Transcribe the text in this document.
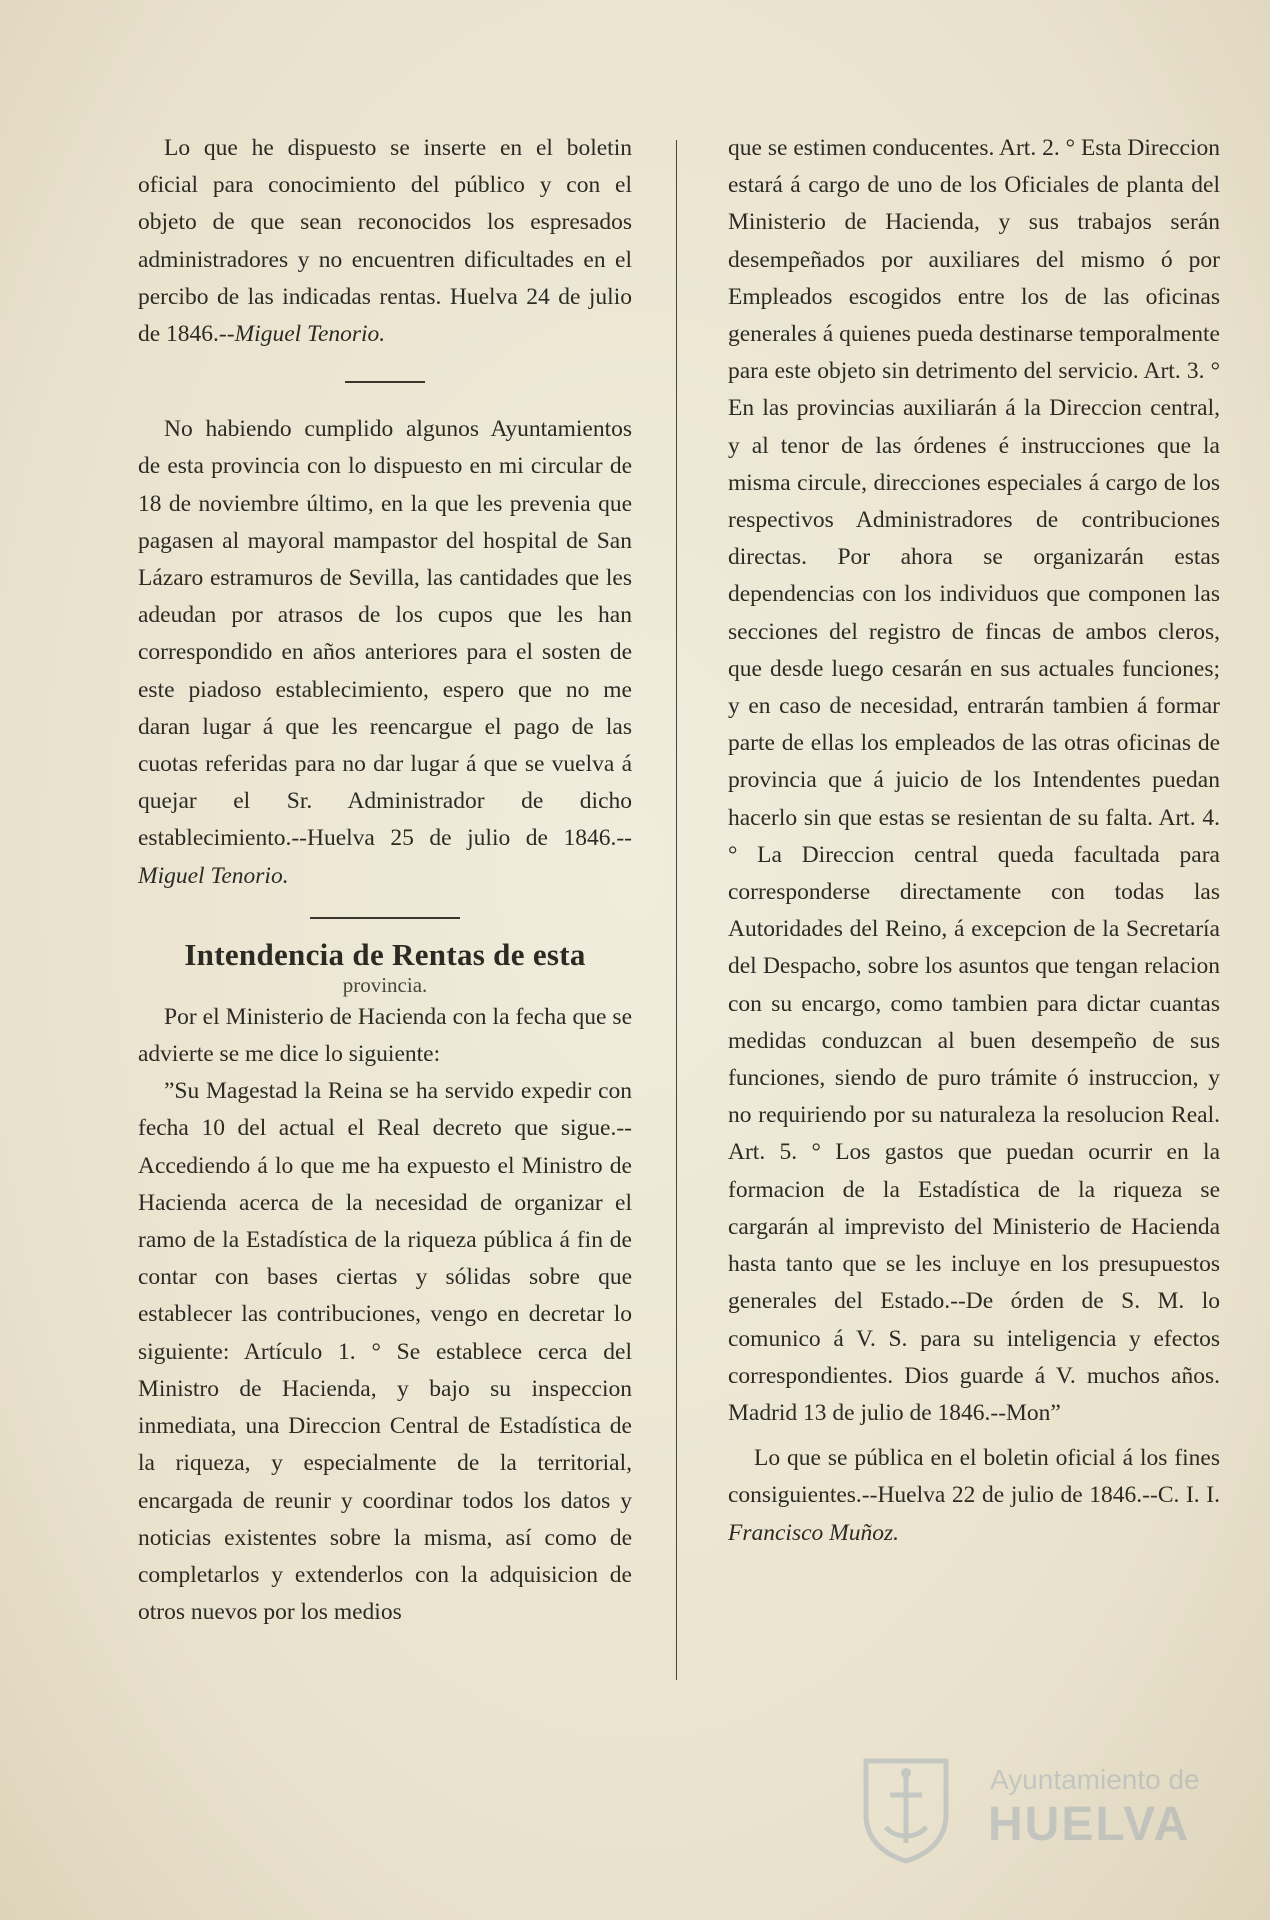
Lo que he dispuesto se inserte en el boletin oficial para conocimiento del público y con el objeto de que sean reconocidos los espresados administradores y no encuentren dificultades en el percibo de las indicadas rentas. Huelva 24 de julio de 1846.--Miguel Tenorio.

No habiendo cumplido algunos Ayuntamientos de esta provincia con lo dispuesto en mi circular de 18 de noviembre último, en la que les prevenia que pagasen al mayoral mampastor del hospital de San Lázaro estramuros de Sevilla, las cantidades que les adeudan por atrasos de los cupos que les han correspondido en años anteriores para el sosten de este piadoso establecimiento, espero que no me daran lugar á que les reencargue el pago de las cuotas referidas para no dar lugar á que se vuelva á quejar el Sr. Administrador de dicho establecimiento.--Huelva 25 de julio de 1846.--Miguel Tenorio.

Intendencia de Rentas de esta
provincia.

Por el Ministerio de Hacienda con la fecha que se advierte se me dice lo siguiente:

”Su Magestad la Reina se ha servido expedir con fecha 10 del actual el Real decreto que sigue.--Accediendo á lo que me ha expuesto el Ministro de Hacienda acerca de la necesidad de organizar el ramo de la Estadística de la riqueza pública á fin de contar con bases ciertas y sólidas sobre que establecer las contribuciones, vengo en decretar lo siguiente: Artículo 1. ° Se establece cerca del Ministro de Hacienda, y bajo su inspeccion inmediata, una Direccion Central de Estadística de la riqueza, y especialmente de la territorial, encargada de reunir y coordinar todos los datos y noticias existentes sobre la misma, así como de completarlos y extenderlos con la adquisicion de otros nuevos por los medios

que se estimen conducentes. Art. 2. ° Esta Direccion estará á cargo de uno de los Oficiales de planta del Ministerio de Hacienda, y sus trabajos serán desempeñados por auxiliares del mismo ó por Empleados escogidos entre los de las oficinas generales á quienes pueda destinarse temporalmente para este objeto sin detrimento del servicio. Art. 3. ° En las provincias auxiliarán á la Direccion central, y al tenor de las órdenes é instrucciones que la misma circule, direcciones especiales á cargo de los respectivos Administradores de contribuciones directas. Por ahora se organizarán estas dependencias con los individuos que componen las secciones del registro de fincas de ambos cleros, que desde luego cesarán en sus actuales funciones; y en caso de necesidad, entrarán tambien á formar parte de ellas los empleados de las otras oficinas de provincia que á juicio de los Intendentes puedan hacerlo sin que estas se resientan de su falta. Art. 4. ° La Direccion central queda facultada para corresponderse directamente con todas las Autoridades del Reino, á excepcion de la Secretaría del Despacho, sobre los asuntos que tengan relacion con su encargo, como tambien para dictar cuantas medidas conduzcan al buen desempeño de sus funciones, siendo de puro trámite ó instruccion, y no requiriendo por su naturaleza la resolucion Real. Art. 5. ° Los gastos que puedan ocurrir en la formacion de la Estadística de la riqueza se cargarán al imprevisto del Ministerio de Hacienda hasta tanto que se les incluye en los presupuestos generales del Estado.--De órden de S. M. lo comunico á V. S. para su inteligencia y efectos correspondientes. Dios guarde á V. muchos años. Madrid 13 de julio de 1846.--Mon”

Lo que se pública en el boletin oficial á los fines consiguientes.--Huelva 22 de julio de 1846.--C. I. I. Francisco Muñoz.

Ayuntamiento de
HUELVA
